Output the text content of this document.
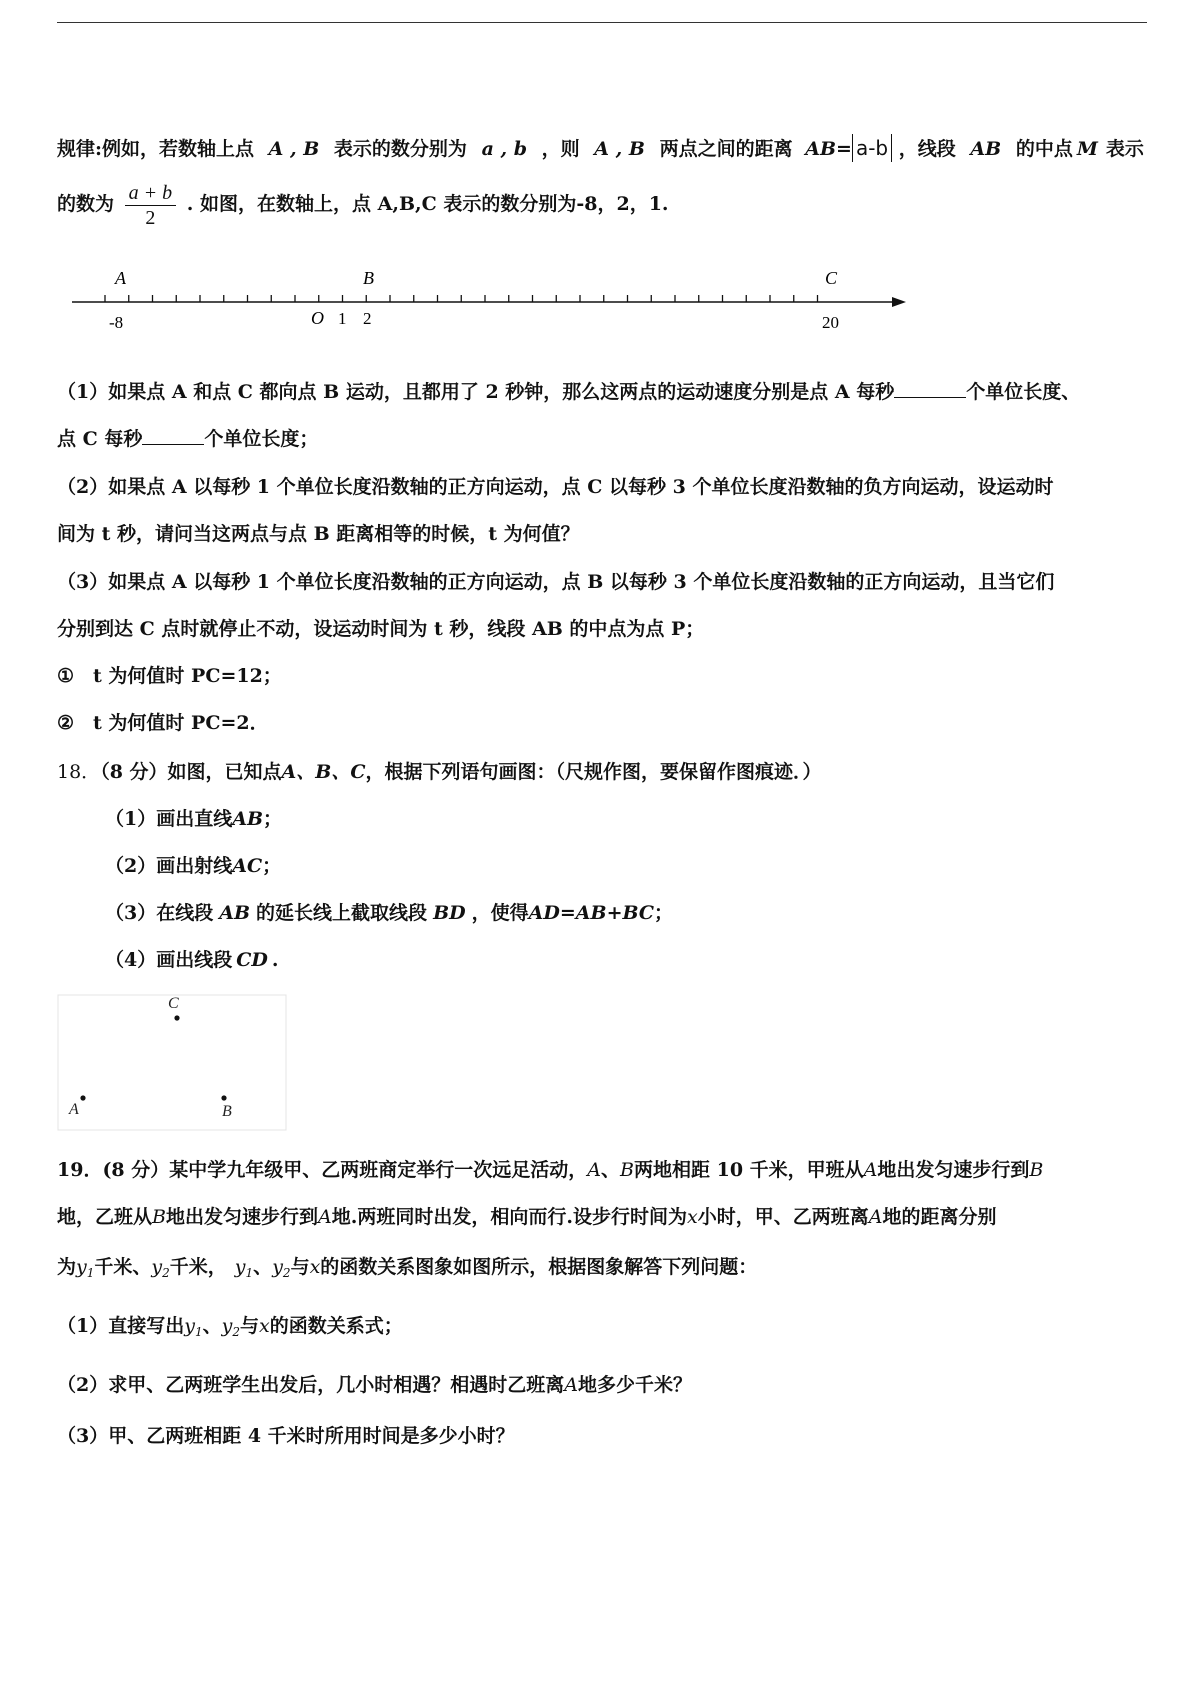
规律:例如，若数轴上点 A , B 表示的数分别为 a , b ，则 A , B 两点之间的距离 AB= a-b ，线段 AB 的中点 M 表示
的数为 $\frac{a + b}{2}$ . 如图，在数轴上，点 A,B,C 表示的数分别为-8，2，1.
A	B	C
O
-8	1 2	20
（1）如果点 A 和点 C 都向点 B 运动，且都用了 2 秒钟，那么这两点的运动速度分别是点 A 每秒	个单位长度、
点 C 每秒	个单位长度；
（2）如果点 A 以每秒 1 个单位长度沿数轴的正方向运动，点 C 以每秒 3 个单位长度沿数轴的负方向运动，设运动时
间为 t 秒，请问当这两点与点 B 距离相等的时候，t 为何值？
（3）如果点 A 以每秒 1 个单位长度沿数轴的正方向运动，点 B 以每秒 3 个单位长度沿数轴的正方向运动，且当它们
分别到达 C 点时就停止不动，设运动时间为 t 秒，线段 AB 的中点为点 P；
①　t 为何值时 PC=12；
②　t 为何值时 PC=2．
18．（8 分）如图，已知点A、B、C，根据下列语句画图：（尺规作图，要保留作图痕迹．）
（1）画出直线AB；
（2）画出射线AC；
（3）在线段 AB 的延长线上截取线段 BD ，使得AD=AB+BC；
（4）画出线段 CD .
C
A	B
19．(8 分）某中学九年级甲、乙两班商定举行一次远足活动，A、B两地相距 10 千米，甲班从A地出发匀速步行到B
地，乙班从B地出发匀速步行到A地.两班同时出发，相向而行.设步行时间为x小时，甲、乙两班离A地的距离分别
为$y_1$千米、$y_2$千米， $y_1$、$y_2$与x的函数关系图象如图所示，根据图象解答下列问题：
（1）直接写出$y_1$、$y_2$与x的函数关系式；
（2）求甲、乙两班学生出发后，几小时相遇？相遇时乙班离A地多少千米？
（3）甲、乙两班相距 4 千米时所用时间是多少小时？
